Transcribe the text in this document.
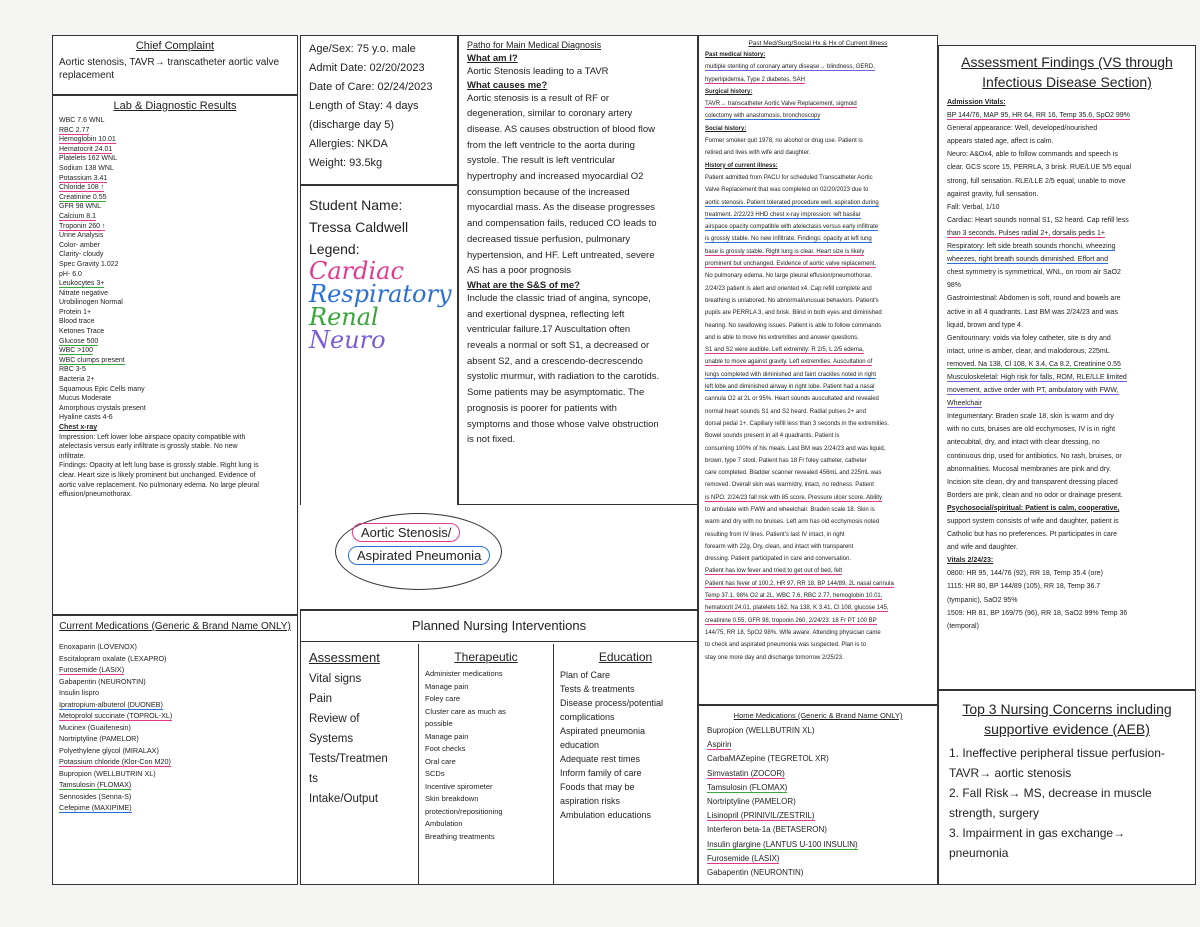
Chief Complaint
Aortic stenosis, TAVR→ transcatheter aortic valve replacement
Lab & Diagnostic Results
WBC 7.6 WNL
RBC 2.77
Hemoglobin 10.01
Hematocrit 24.01
Platelets 162 WNL
Sodium 138 WNL
Potassium 3.41
Chloride 108 ↑
Creatinine 0.55
GFR 98 WNL
Calcium 8.1
Troponin 260 ↑
Urine Analysis
Color- amber
Clarity- cloudy
Spec Gravity 1.022
pH- 6.0
Leukocytes 3+
Nitrate negative
Urobilinogen Normal
Protein 1+
Blood trace
Ketones Trace
Glucose 500
WBC >100
WBC clumps present
RBC 3-5
Bacteria 2+
Squamous Epic Cells many
Mucus Moderate
Amorphous crystals present
Hyaline casts 4-6
Chest x-ray
Impression: Left lower lobe airspace opacity compatible with
atelectasis versus early infiltrate is grossly stable. No new
infiltrate.
Findings: Opacity at left lung base is grossly stable. Right lung is
clear. Heart size is likely prominent but unchanged. Evidence of
aortic valve replacement. No pulmonary edema. No large pleural
effusion/pneumothorax.
Current Medications (Generic & Brand Name ONLY)
Enoxaparin (LOVENOX)
Escitalopram oxalate (LEXAPRO)
Furosemide (LASIX)
Gabapentin (NEURONTIN)
Insulin lispro
Ipratropium-albuterol (DUONEB)
Metoprolol succinate (TOPROL-XL)
Mucinex (Guaifenesin)
Nortriptyline (PAMELOR)
Polyethylene glycol (MIRALAX)
Potassium chloride (Klor-Con M20)
Bupropion (WELLBUTRIN XL)
Tamsulosin (FLOMAX)
Sennosides (Senna-S)
Cefepime (MAXIPIME)
Age/Sex: 75 y.o. male
Admit Date: 02/20/2023
Date of Care: 02/24/2023
Length of Stay: 4 days
(discharge day 5)
Allergies: NKDA
Weight: 93.5kg
Student Name:
Tressa Caldwell
Legend:
Cardiac
Respiratory
Renal
Neuro
Patho for Main Medical Diagnosis
What am I?
Aortic Stenosis leading to a TAVR
What causes me?
Aortic stenosis is a result of RF or
degeneration, similar to coronary artery
disease. AS causes obstruction of blood flow
from the left ventricle to the aorta during
systole. The result is left ventricular
hypertrophy and increased myocardial O2
consumption because of the increased
myocardial mass. As the disease progresses
and compensation fails, reduced CO leads to
decreased tissue perfusion, pulmonary
hypertension, and HF. Left untreated, severe
AS has a poor prognosis
What are the S&S of me?
Include the classic triad of angina, syncope,
and exertional dyspnea, reflecting left
ventricular failure.17 Auscultation often
reveals a normal or soft S1, a decreased or
absent S2, and a crescendo-decrescendo
systolic murmur, with radiation to the carotids.
Some patients may be asymptomatic. The
prognosis is poorer for patients with
symptoms and those whose valve obstruction
is not fixed.
Aortic Stenosis/
Aspirated Pneumonia
Planned Nursing Interventions
Assessment
Vital signs
Pain
Review of
Systems
Tests/Treatmen
ts
Intake/Output
Therapeutic
Administer medications
Manage pain
Foley care
Cluster care as much as
possible
Manage pain
Foot checks
Oral care
SCDs
Incentive spirometer
Skin breakdown
protection/repositioning
Ambulation
Breathing treatments
Education
Plan of Care
Tests & treatments
Disease process/potential
complications
Aspirated pneumonia
education
Adequate rest times
Inform family of care
Foods that may be
aspiration risks
Ambulation educations
Past Med/Surg/Social Hx & Hx of Current Illness
Past medical history:
multiple stenting of coronary artery disease→ blindness, GERD,
hyperlipidemia, Type 2 diabetes, SAH
Surgical history:
TAVR→ transcatheter Aortic Valve Replacement, sigmoid
colectomy with anastomosis, bronchoscopy
Social history:
Former smoker quit 1978, no alcohol or drug use. Patient is
retired and lives with wife and daughter.
History of current illness:
Patient admitted from PACU for scheduled Transcatheter Aortic
Valve Replacement that was completed on 02/20/2023 due to
aortic stenosis. Patient tolerated procedure well, aspiration during
treatment. 2/22/23 HHD chest x-ray impression: left basilar
airspace opacity compatible with atelectasis versus early infiltrate
is grossly stable. No new infiltrate. Findings: opacity at left lung
base is grossly stable. Right lung is clear. Heart size is likely
prominent but unchanged. Evidence of aortic valve replacement.
No pulmonary edema. No large pleural effusion/pneumothorax.
2/24/23 patient is alert and oriented x4. Cap refill complete and
breathing is unlabored. No abnormal/unusual behaviors. Patient's
pupils are PERRLA 3, and brisk. Blind in both eyes and diminished
hearing. No swallowing issues. Patient is able to follow commands
and is able to move his extremities and answer questions.
S1 and S2 were audible. Left extremity: R 2/5, L 2/5 edema,
unable to move against gravity. Left extremities. Auscultation of
lungs completed with diminished and faint crackles noted in right
left lobe and diminished airway in right lobe. Patient had a nasal
cannula O2 at 2L or 95%. Heart sounds auscultated and revealed
normal heart sounds S1 and S2 heard. Radial pulses 2+ and
dorsal pedal 1+. Capillary refill less than 3 seconds in the extremities.
Bowel sounds present in all 4 quadrants. Patient is
consuming 100% of his meals. Last BM was 2/24/23 and was liquid,
brown, type 7 stool. Patient has 18 Fr foley catheter, catheter
care completed. Bladder scanner revealed 456mL and 225mL was
removed. Overall skin was warm/dry, intact, no redness. Patient
is NPO. 2/24/23 fall risk with 85 score. Pressure ulcer score. Ability
to ambulate with FWW and wheelchair. Braden scale 18. Skin is
warm and dry with no bruises. Left arm has old ecchymosis noted
resulting from IV lines. Patient's last IV intact, in right
forearm with 22g. Dry, clean, and intact with transparent
dressing. Patient participated in care and conversation.
Patient has low fever and tried to get out of bed, felt
Patient has fever of 100.2, HR 97, RR 18, BP 144/89, 2L nasal cannula
Temp 37.1, 98% O2 at 2L, WBC 7.6, RBC 2.77, hemoglobin 10.01,
hematocrit 24.01, platelets 162, Na 138, K 3.41, Cl 108, glucose 145,
creatinine 0.55, GFR 98, troponin 260, 2/24/23: 18 Fr PT 100 BP
144/75, RR 18, SpO2 98%. Wife aware. Attending physician came
to check and aspirated pneumonia was suspected. Plan is to
stay one more day and discharge tomorrow 2/25/23.
Home Medications (Generic & Brand Name ONLY)
Bupropion (WELLBUTRIN XL)
Aspirin
CarbaMAZepine (TEGRETOL XR)
Simvastatin (ZOCOR)
Tamsulosin (FLOMAX)
Nortriptyline (PAMELOR)
Lisinopril (PRINIVIL/ZESTRIL)
Interferon beta-1a (BETASERON)
Insulin glargine (LANTUS U-100 INSULIN)
Furosemide (LASIX)
Gabapentin (NEURONTIN)
Assessment Findings (VS through Infectious Disease Section)
Admission Vitals:
BP 144/76, MAP 95, HR 64, RR 16, Temp 35.6, SpO2 99%
General appearance: Well, developed/nourished
appears stated age, affect is calm.
Neuro: A&Ox4, able to follow commands and speech is
clear. GCS score 15, PERRLA, 3 brisk. RUE/LUE 5/5 equal
strong, full sensation. RLE/LLE 2/5 equal, unable to move
against gravity, full sensation.
Fall: Verbal, 1/10
Cardiac: Heart sounds normal S1, S2 heard. Cap refill less
than 3 seconds. Pulses radial 2+, dorsalis pedis 1+
Respiratory: left side breath sounds rhonchi, wheezing
wheezes, right breath sounds diminished. Effort and
chest symmetry is symmetrical, WNL, on room air SaO2
98%
Gastrointestinal: Abdomen is soft, round and bowels are
active in all 4 quadrants. Last BM was 2/24/23 and was
liquid, brown and type 4.
Genitourinary: voids via foley catheter, site is dry and
intact, urine is amber, clear, and malodorous, 225mL
removed. Na 138, Cl 108, K 3.4, Ca 8.2, Creatinine 0.55
Musculoskeletal: High risk for falls, ROM, RLE/LLE limited
movement, active order with PT, ambulatory with FWW,
Wheelchair
Integumentary: Braden scale 18, skin is warm and dry
with no cuts, bruises are old ecchymoses, IV is in right
antecubital, dry, and intact with clear dressing, no
continuous drip, used for antibiotics. No rash, bruises, or
abnormalities. Mucosal membranes are pink and dry.
Incision site clean, dry and transparent dressing placed
Borders are pink, clean and no odor or drainage present.
Psychosocial/spiritual: Patient is calm, cooperative,
support system consists of wife and daughter, patient is
Catholic but has no preferences. Pt participates in care
and wife and daughter.
Vitals 2/24/23:
0800: HR 95, 144/76 (92), RR 18, Temp 35.4 (ore)
1115: HR 80, BP 144/89 (105), RR 18, Temp 36.7
(tympanic), SaO2 95%
1509: HR 81, BP 169/75 (96), RR 18, SaO2 99% Temp 36
(temporal)
Top 3 Nursing Concerns including supportive evidence (AEB)
1. Ineffective peripheral tissue perfusion- TAVR→ aortic stenosis
2. Fall Risk→ MS, decrease in muscle strength, surgery
3. Impairment in gas exchange→ pneumonia
